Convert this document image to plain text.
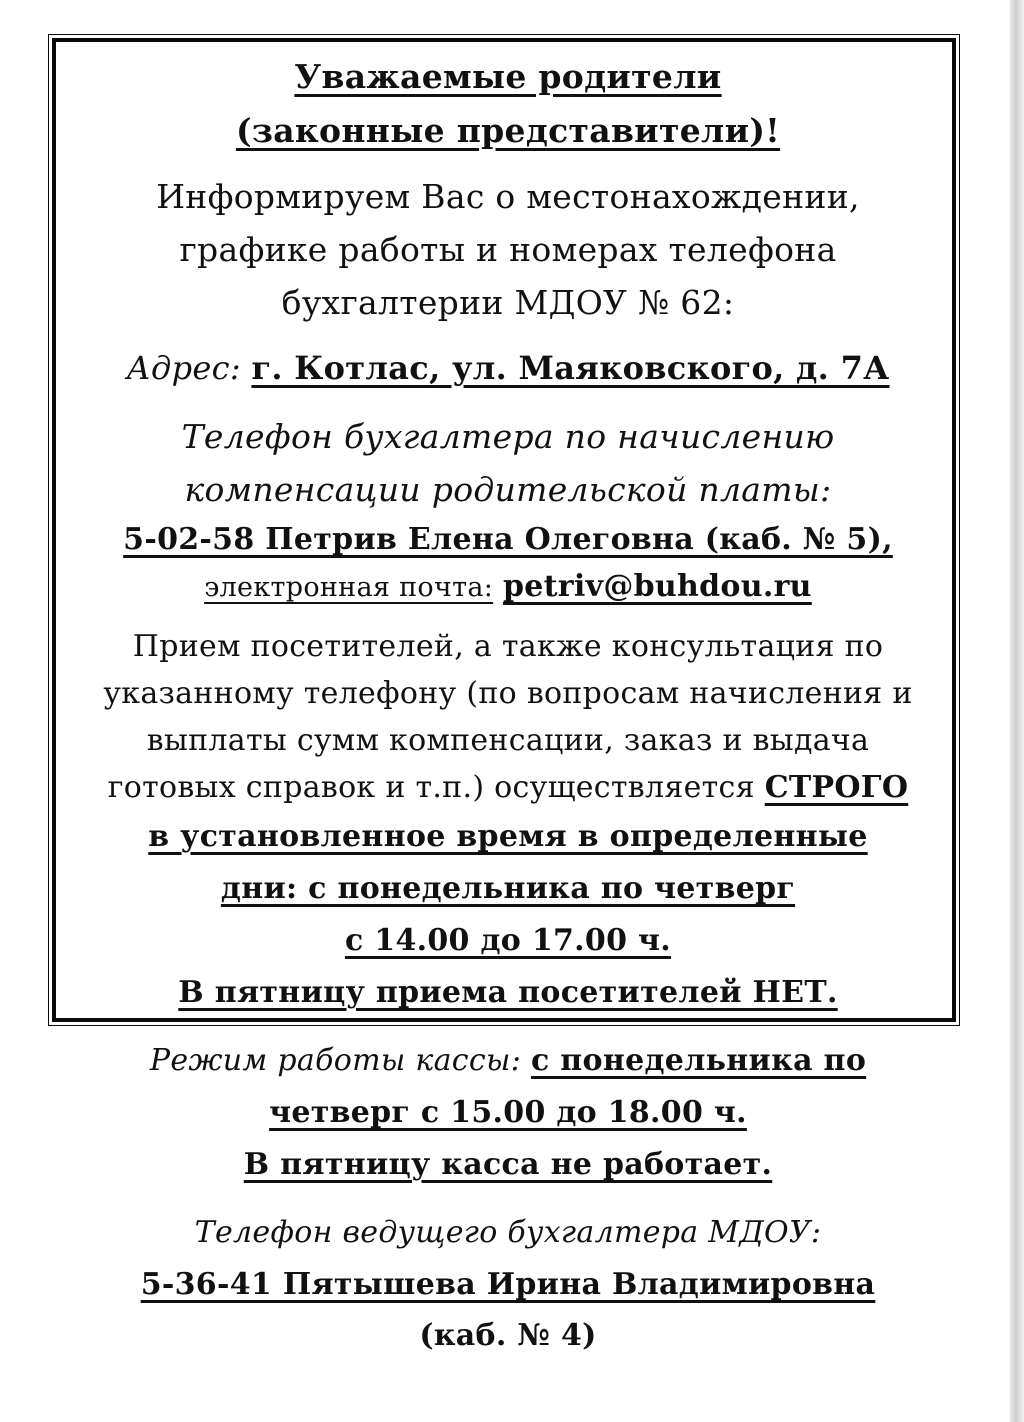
Уважаемые родители
(законные представители)!
Информируем Вас о местонахождении,
графике работы и номерах телефона
бухгалтерии МДОУ № 62:
Адрес: г. Котлас, ул. Маяковского, д. 7А
Телефон бухгалтера по начислению
компенсации родительской платы:
5-02-58 Петрив Елена Олеговна (каб. № 5),
электронная почта: petriv@buhdou.ru
Прием посетителей, а также консультация по
указанному телефону (по вопросам начисления и
выплаты сумм компенсации, заказ и выдача
готовых справок и т.п.) осуществляется СТРОГО
в установленное время в определенные
дни: с понедельника по четверг
с 14.00 до 17.00 ч.
В пятницу приема посетителей НЕТ.
Режим работы кассы: с понедельника по
четверг с 15.00 до 18.00 ч.
В пятницу касса не работает.
Телефон ведущего бухгалтера МДОУ:
5-36-41 Пятышева Ирина Владимировна
(каб. № 4)
